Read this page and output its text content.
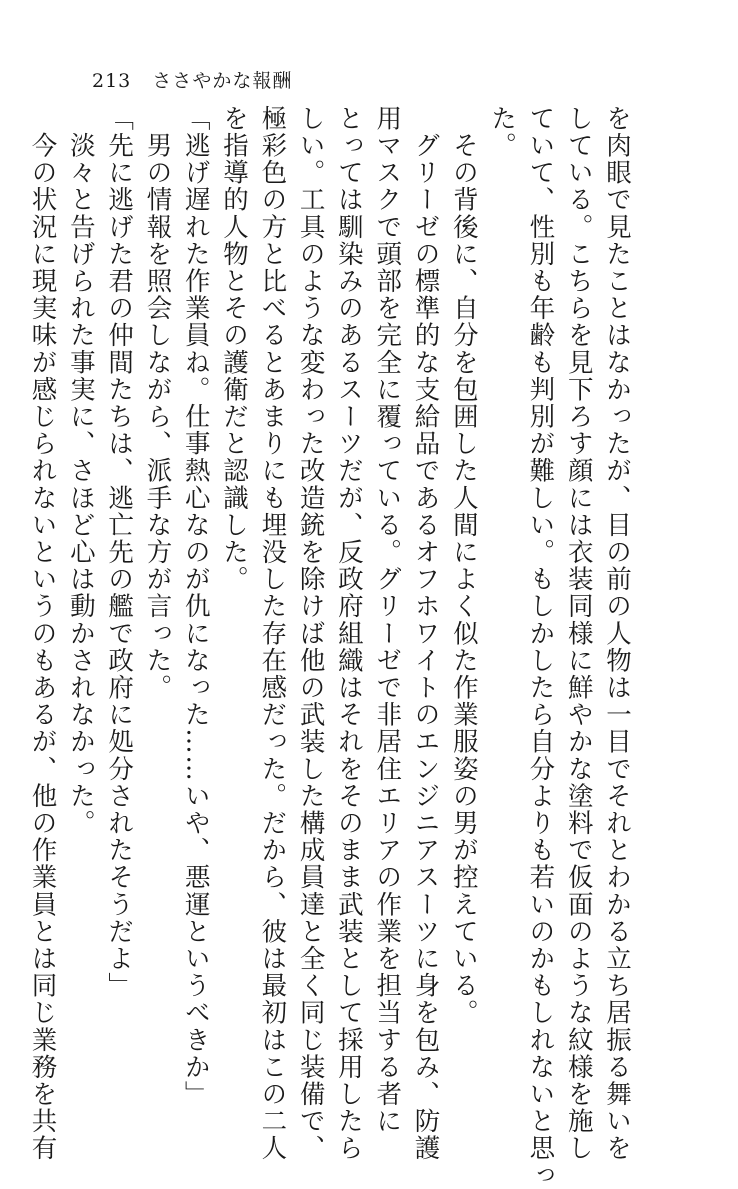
213 ささやかな報酬
を肉眼で見たことはなかったが、目の前の人物は一目でそれとわかる立ち居振る舞いを
している。こちらを見下ろす顔には衣装同様に鮮やかな塗料で仮面のような紋様を施し
ていて、性別も年齢も判別が難しい。もしかしたら自分よりも若いのかもしれないと思っ
た。
　その背後に、自分を包囲した人間によく似た作業服姿の男が控えている。
　グリーゼの標準的な支給品であるオフホワイトのエンジニアスーツに身を包み、防護
用マスクで頭部を完全に覆っている。グリーゼで非居住エリアの作業を担当する者に
とっては馴染みのあるスーツだが、反政府組織はそれをそのまま武装として採用したら
しい。工具のような変わった改造銃を除けば他の武装した構成員達と全く同じ装備で、
極彩色の方と比べるとあまりにも埋没した存在感だった。だから、彼は最初はこの二人
を指導的人物とその護衛だと認識した。
「逃げ遅れた作業員ね。仕事熱心なのが仇になった……いや、悪運というべきか」
　男の情報を照会しながら、派手な方が言った。
「先に逃げた君の仲間たちは、逃亡先の艦で政府に処分されたそうだよ」
　淡々と告げられた事実に、さほど心は動かされなかった。
　今の状況に現実味が感じられないというのもあるが、他の作業員とは同じ業務を共有
